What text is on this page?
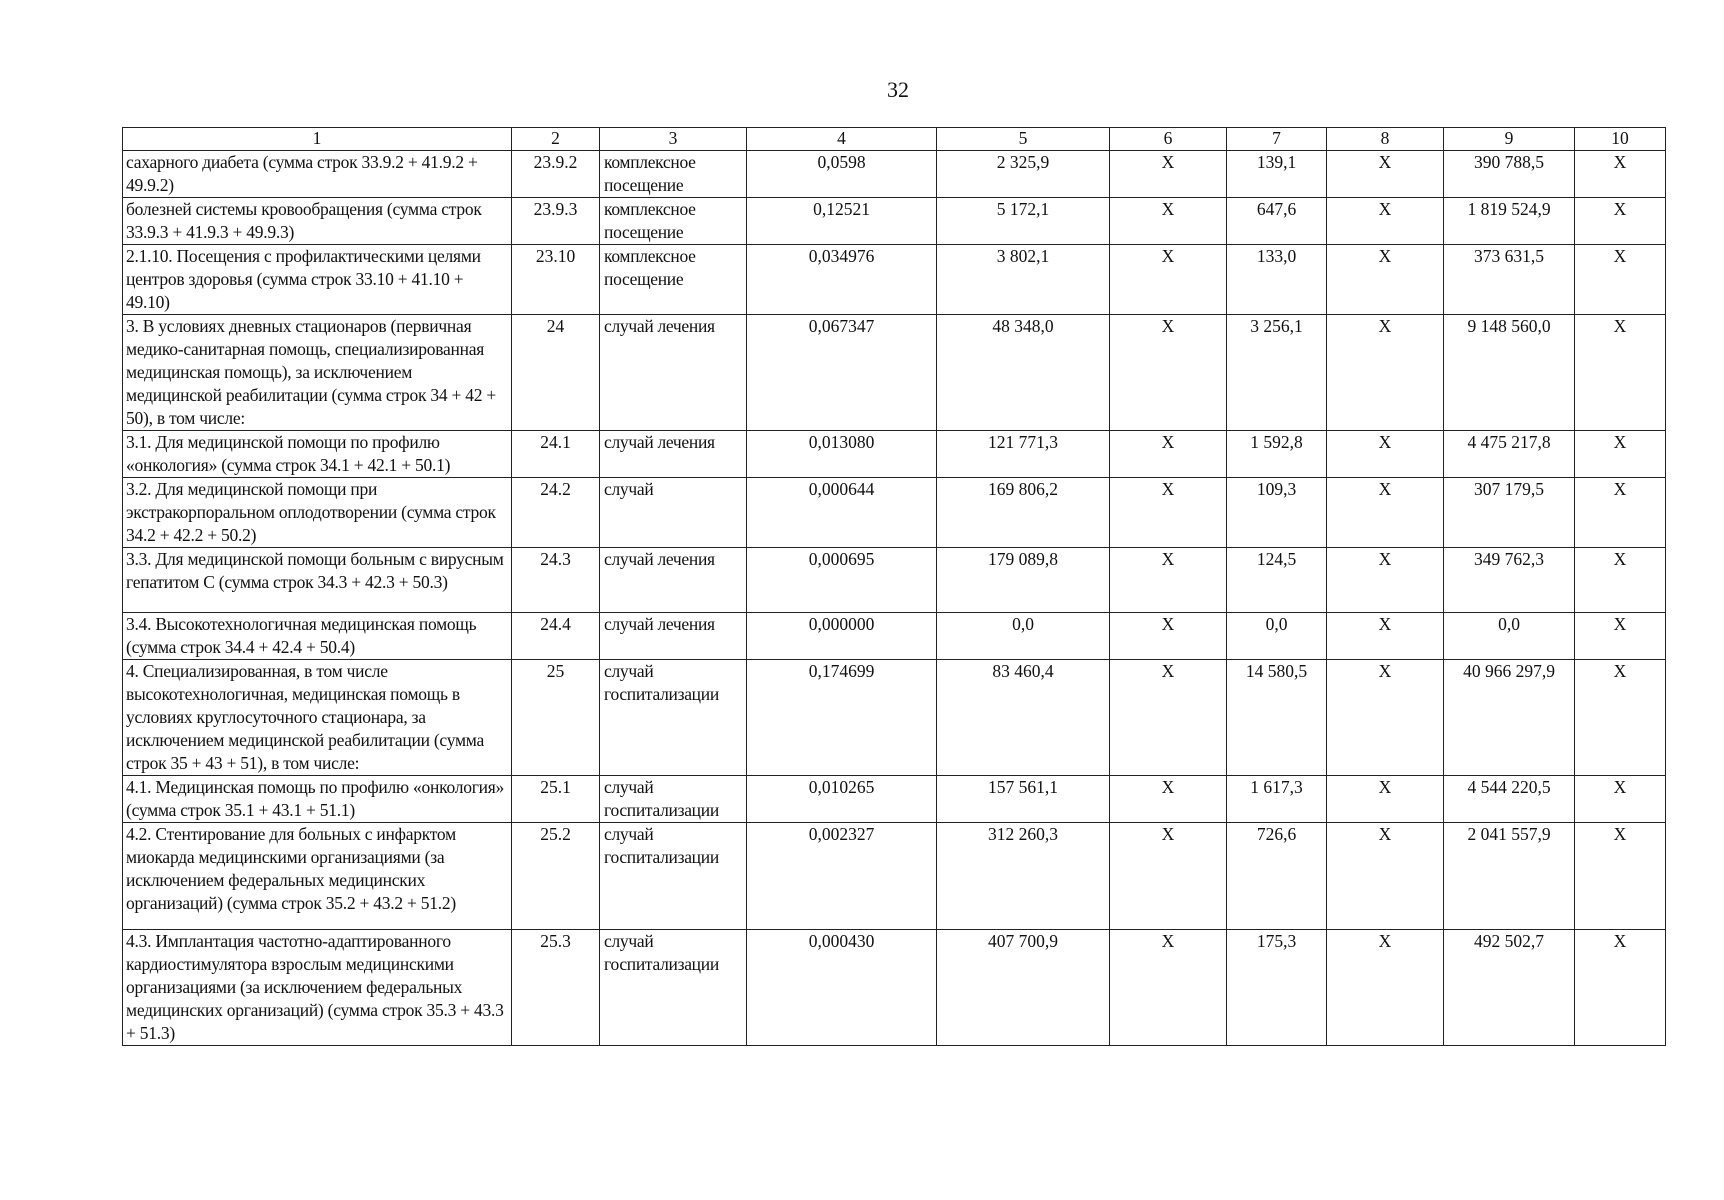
32
1	2	3	4	5	6	7	8	9	10
сахарного диабета (сумма строк 33.9.2 + 41.9.2 + 49.9.2)	23.9.2	комплексное посещение	0,0598	2 325,9	X	139,1	X	390 788,5	X
болезней системы кровообращения (сумма строк 33.9.3 + 41.9.3 + 49.9.3)	23.9.3	комплексное посещение	0,12521	5 172,1	X	647,6	X	1 819 524,9	X
2.1.10. Посещения с профилактическими целями центров здоровья (сумма строк 33.10 + 41.10 + 49.10)	23.10	комплексное посещение	0,034976	3 802,1	X	133,0	X	373 631,5	X
3. В условиях дневных стационаров (первичная медико-санитарная помощь, специализированная медицинская помощь), за исключением медицинской реабилитации (сумма строк 34 + 42 + 50), в том числе:	24	случай лечения	0,067347	48 348,0	X	3 256,1	X	9 148 560,0	X
3.1. Для медицинской помощи по профилю «онкология» (сумма строк 34.1 + 42.1 + 50.1)	24.1	случай лечения	0,013080	121 771,3	X	1 592,8	X	4 475 217,8	X
3.2. Для медицинской помощи при экстракорпоральном оплодотворении (сумма строк 34.2 + 42.2 + 50.2)	24.2	случай	0,000644	169 806,2	X	109,3	X	307 179,5	X
3.3. Для медицинской помощи больным с вирусным гепатитом С (сумма строк 34.3 + 42.3 + 50.3)	24.3	случай лечения	0,000695	179 089,8	X	124,5	X	349 762,3	X
3.4. Высокотехнологичная медицинская помощь (сумма строк 34.4 + 42.4 + 50.4)	24.4	случай лечения	0,000000	0,0	X	0,0	X	0,0	X
4. Специализированная, в том числе высокотехнологичная, медицинская помощь в условиях круглосуточного стационара, за исключением медицинской реабилитации (сумма строк 35 + 43 + 51), в том числе:	25	случай госпитализации	0,174699	83 460,4	X	14 580,5	X	40 966 297,9	X
4.1. Медицинская помощь по профилю «онкология» (сумма строк 35.1 + 43.1 + 51.1)	25.1	случай госпитализации	0,010265	157 561,1	X	1 617,3	X	4 544 220,5	X
4.2. Стентирование для больных с инфарктом миокарда медицинскими организациями (за исключением федеральных медицинских организаций) (сумма строк 35.2 + 43.2 + 51.2)	25.2	случай госпитализации	0,002327	312 260,3	X	726,6	X	2 041 557,9	X
4.3. Имплантация частотно-адаптированного кардиостимулятора взрослым медицинскими организациями (за исключением федеральных медицинских организаций) (сумма строк 35.3 + 43.3 + 51.3)	25.3	случай госпитализации	0,000430	407 700,9	X	175,3	X	492 502,7	X
